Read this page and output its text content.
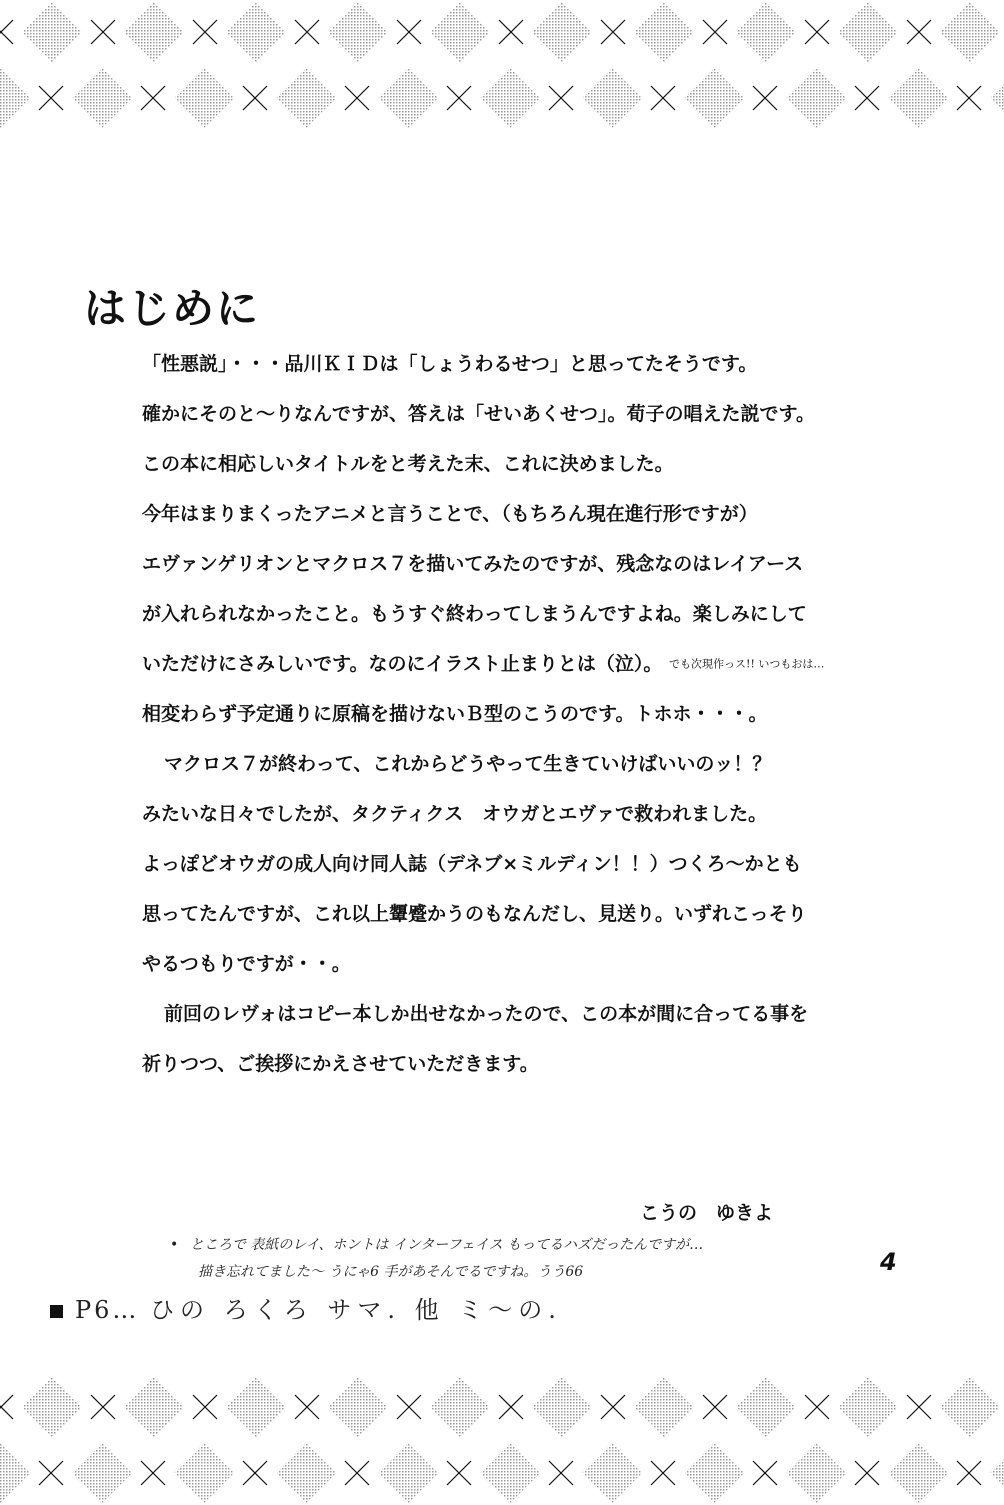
はじめに
「性悪説」・・・品川ＫＩＤは「しょうわるせつ」と思ってたそうです。
確かにそのと〜りなんですが、答えは「せいあくせつ」。荀子の唱えた説です。
この本に相応しいタイトルをと考えた末、これに決めました。
今年はまりまくったアニメと言うことで、（もちろん現在進行形ですが）
エヴァンゲリオンとマクロス７を描いてみたのですが、残念なのはレイアース
が入れられなかったこと。もうすぐ終わってしまうんですよね。楽しみにして
いただけにさみしいです。なのにイラスト止まりとは（泣）。 でも次現作っス!! いつもおは…
相変わらず予定通りに原稿を描けないＢ型のこうのです。トホホ・・・。
マクロス７が終わって、これからどうやって生きていけばいいのッ！？
みたいな日々でしたが、タクティクス　オウガとエヴァで救われました。
よっぽどオウガの成人向け同人誌（デネブ×ミルディン！！）つくろ〜かとも
思ってたんですが、これ以上顰蹙かうのもなんだし、見送り。いずれこっそり
やるつもりですが・・。
前回のレヴォはコピー本しか出せなかったので、この本が間に合ってる事を
祈りつつ、ご挨拶にかえさせていただきます。
こうの　ゆきよ
• ところで 表紙のレイ、ホントは インターフェイス もってるハズだったんですが…
描き忘れてました〜 うにゃ6 手があそんでるですね。うう66	4
P6… ひの ろくろ サマ. 他 ミ〜の.
